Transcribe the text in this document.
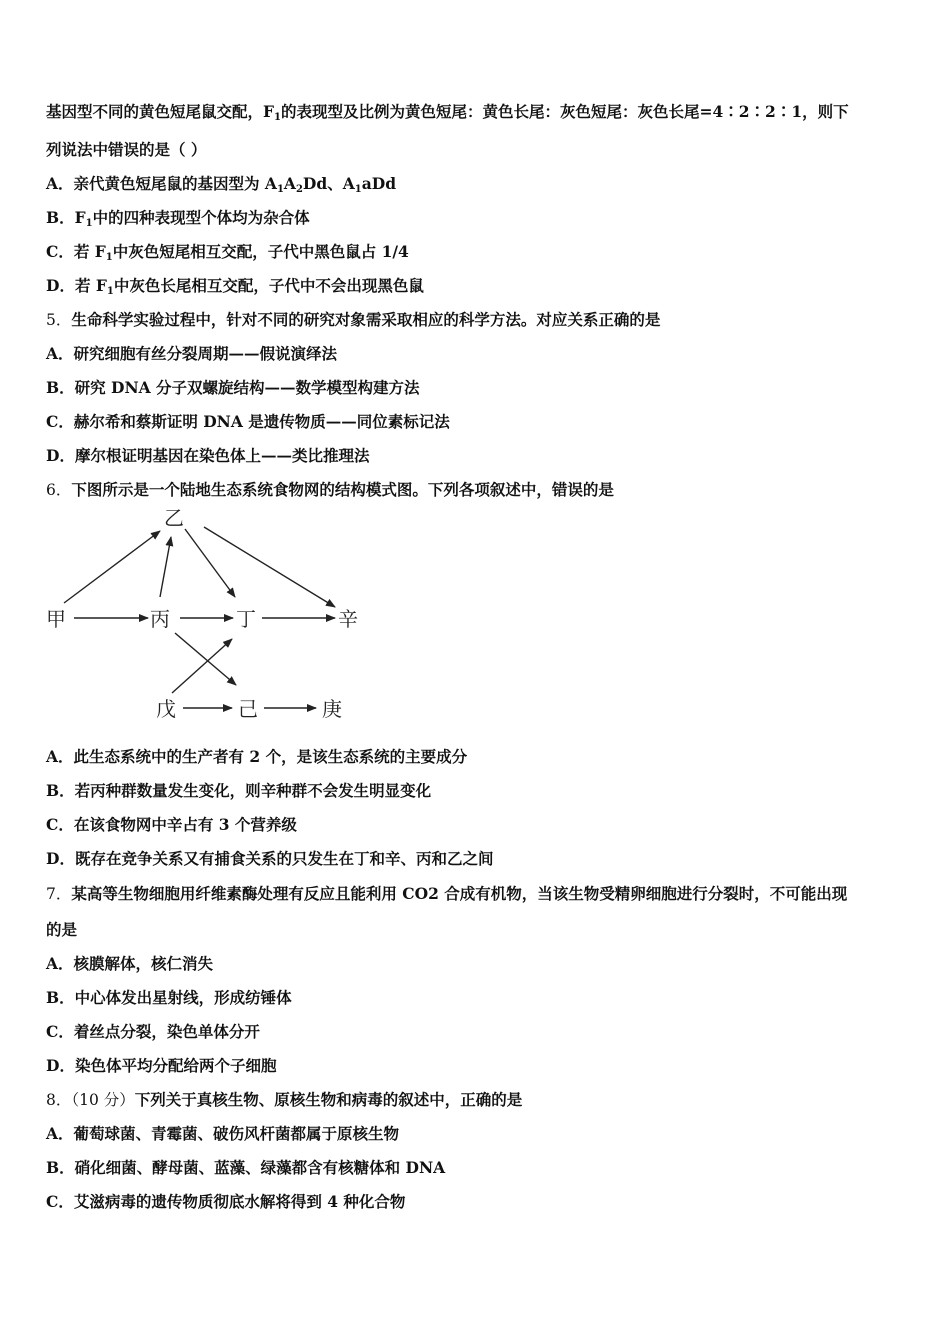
基因型不同的黄色短尾鼠交配，$F_1$的表现型及比例为黄色短尾：黄色长尾：灰色短尾：灰色长尾=4∶2∶2∶1，则下
列说法中错误的是（ ）
A．亲代黄色短尾鼠的基因型为 $A_1A_2Dd$、$A_1aDd$
B．$F_1$中的四种表现型个体均为杂合体
C．若 $F_1$中灰色短尾相互交配，子代中黑色鼠占 1/4
D．若 $F_1$中灰色长尾相互交配，子代中不会出现黑色鼠
5．生命科学实验过程中，针对不同的研究对象需采取相应的科学方法。对应关系正确的是
A．研究细胞有丝分裂周期——假说演绎法
B．研究 DNA 分子双螺旋结构——数学模型构建方法
C．赫尔希和蔡斯证明 DNA 是遗传物质——同位素标记法
D．摩尔根证明基因在染色体上——类比推理法
6．下图所示是一个陆地生态系统食物网的结构模式图。下列各项叙述中，错误的是
乙
甲	丙	丁	辛
戊	己	庚
A．此生态系统中的生产者有 2 个，是该生态系统的主要成分
B．若丙种群数量发生变化，则辛种群不会发生明显变化
C．在该食物网中辛占有 3 个营养级
D．既存在竞争关系又有捕食关系的只发生在丁和辛、丙和乙之间
7．某高等生物细胞用纤维素酶处理有反应且能利用 CO2 合成有机物，当该生物受精卵细胞进行分裂时，不可能出现
的是
A．核膜解体，核仁消失
B．中心体发出星射线，形成纺锤体
C．着丝点分裂，染色单体分开
D．染色体平均分配给两个子细胞
8．（10 分）下列关于真核生物、原核生物和病毒的叙述中，正确的是
A．葡萄球菌、青霉菌、破伤风杆菌都属于原核生物
B．硝化细菌、酵母菌、蓝藻、绿藻都含有核糖体和 DNA
C．艾滋病毒的遗传物质彻底水解将得到 4 种化合物
